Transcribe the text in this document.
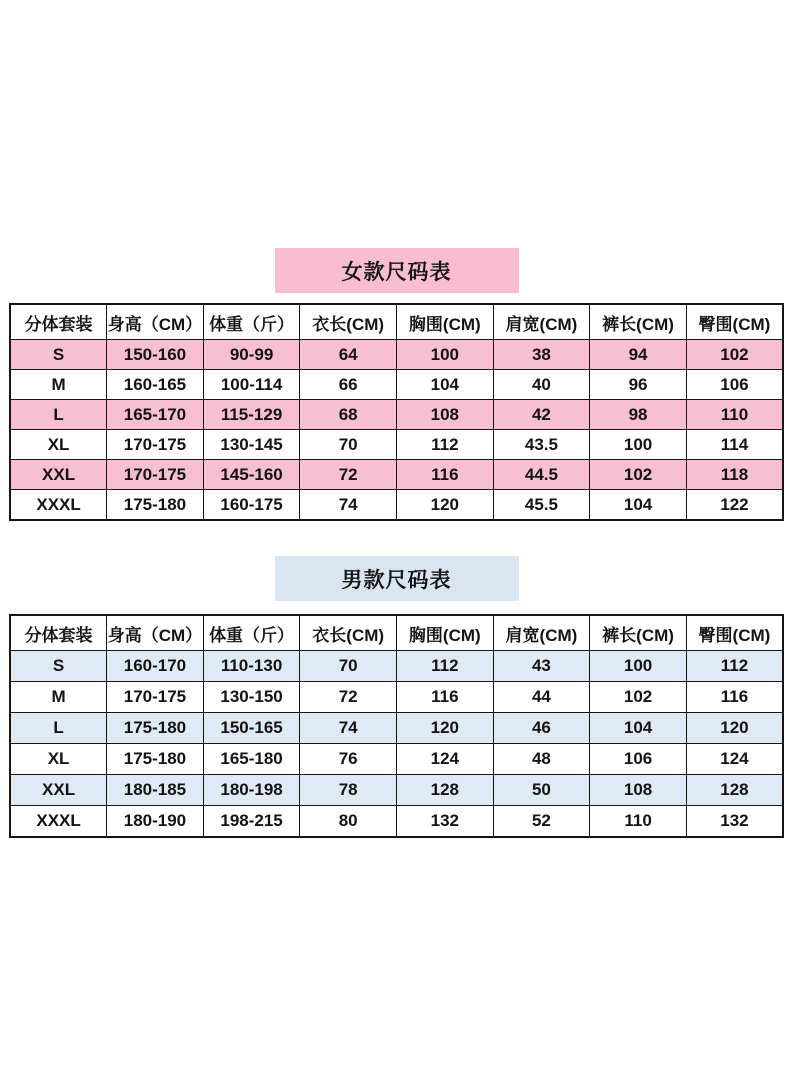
女款尺码表
分体套装	身高（CM）	体重（斤）	衣长(CM)	胸围(CM)	肩宽(CM)	裤长(CM)	臀围(CM)
S	150-160	90-99	64	100	38	94	102
M	160-165	100-114	66	104	40	96	106
L	165-170	115-129	68	108	42	98	110
XL	170-175	130-145	70	112	43.5	100	114
XXL	170-175	145-160	72	116	44.5	102	118
XXXL	175-180	160-175	74	120	45.5	104	122
男款尺码表
分体套装	身高（CM）	体重（斤）	衣长(CM)	胸围(CM)	肩宽(CM)	裤长(CM)	臀围(CM)
S	160-170	110-130	70	112	43	100	112
M	170-175	130-150	72	116	44	102	116
L	175-180	150-165	74	120	46	104	120
XL	175-180	165-180	76	124	48	106	124
XXL	180-185	180-198	78	128	50	108	128
XXXL	180-190	198-215	80	132	52	110	132
